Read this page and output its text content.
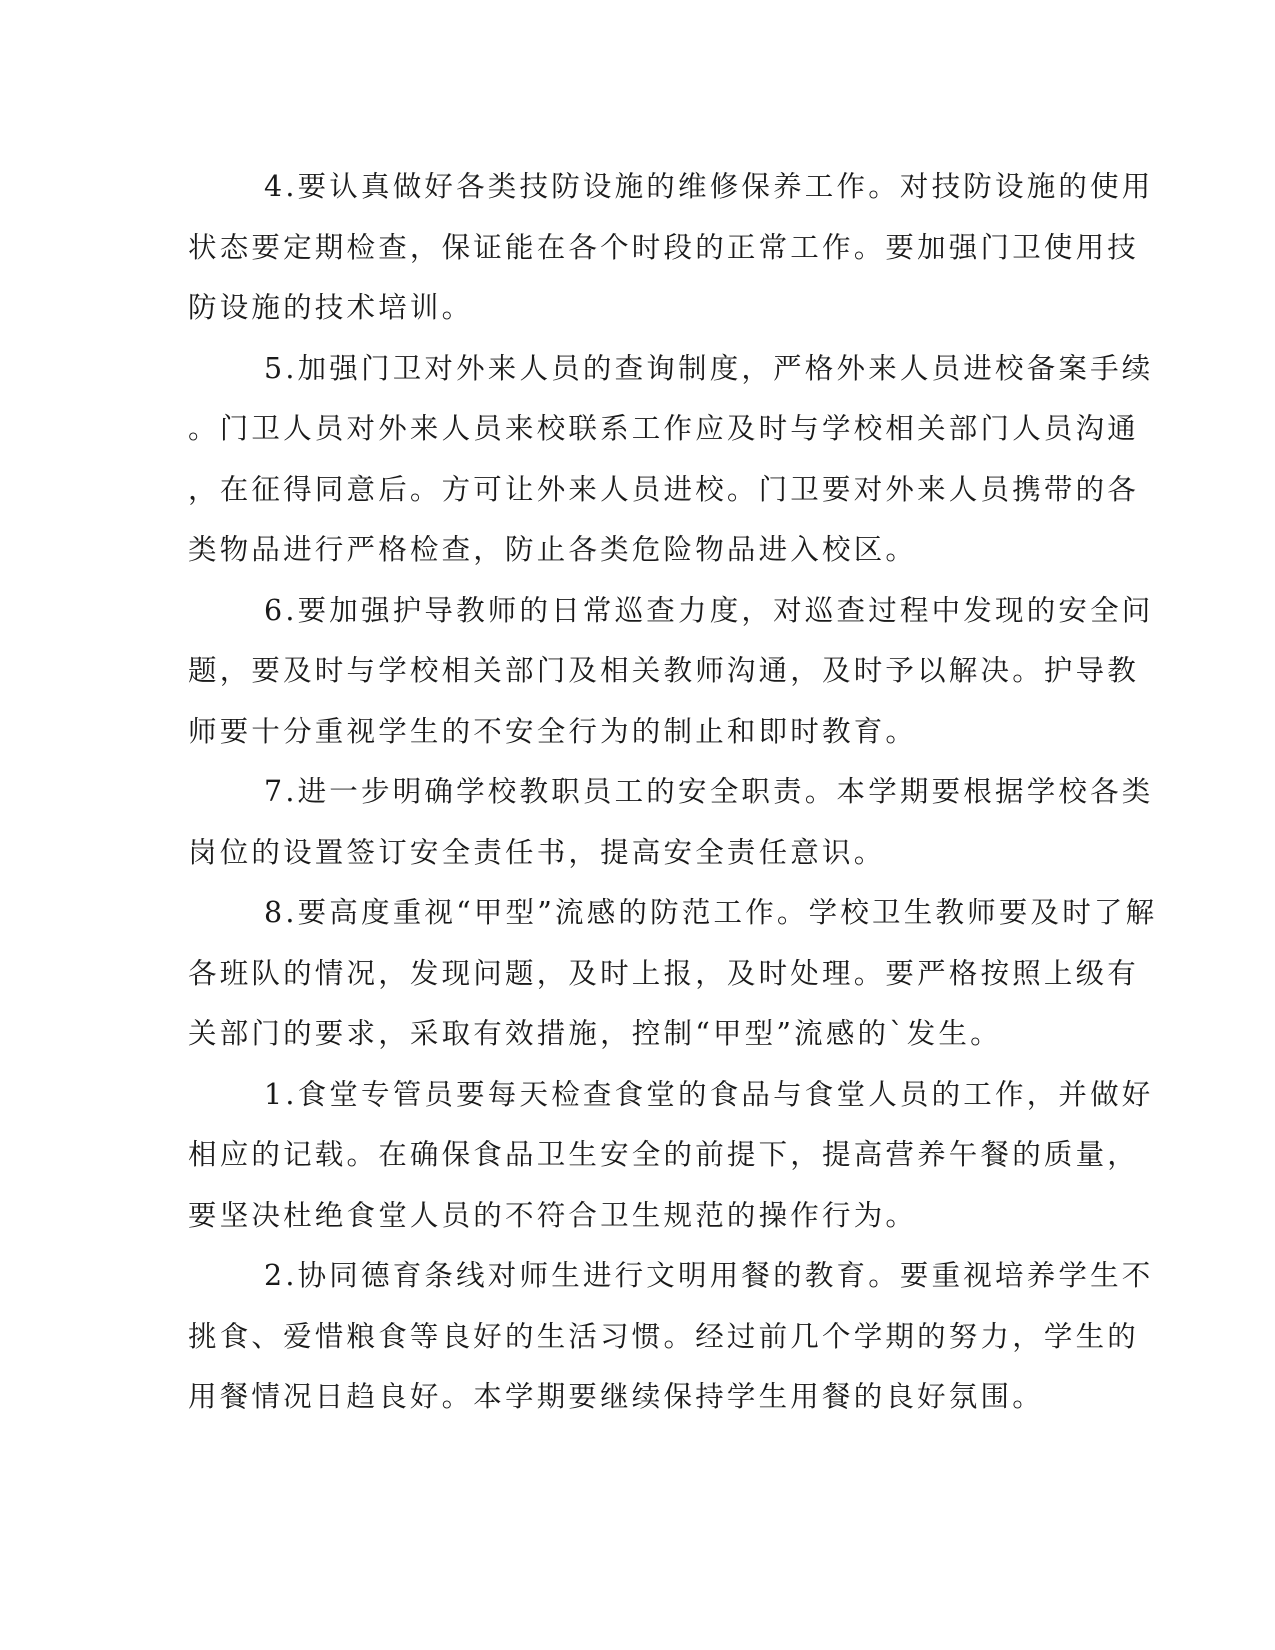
4.要认真做好各类技防设施的维修保养工作。对技防设施的使用
状态要定期检查，保证能在各个时段的正常工作。要加强门卫使用技
防设施的技术培训。
5.加强门卫对外来人员的查询制度，严格外来人员进校备案手续
。门卫人员对外来人员来校联系工作应及时与学校相关部门人员沟通
，在征得同意后。方可让外来人员进校。门卫要对外来人员携带的各
类物品进行严格检查，防止各类危险物品进入校区。
6.要加强护导教师的日常巡查力度，对巡查过程中发现的安全问
题，要及时与学校相关部门及相关教师沟通，及时予以解决。护导教
师要十分重视学生的不安全行为的制止和即时教育。
7.进一步明确学校教职员工的安全职责。本学期要根据学校各类
岗位的设置签订安全责任书，提高安全责任意识。
8.要高度重视“甲型”流感的防范工作。学校卫生教师要及时了解
各班队的情况，发现问题，及时上报，及时处理。要严格按照上级有
关部门的要求，采取有效措施，控制“甲型”流感的`发生。
1.食堂专管员要每天检查食堂的食品与食堂人员的工作，并做好
相应的记载。在确保食品卫生安全的前提下，提高营养午餐的质量，
要坚决杜绝食堂人员的不符合卫生规范的操作行为。
2.协同德育条线对师生进行文明用餐的教育。要重视培养学生不
挑食、爱惜粮食等良好的生活习惯。经过前几个学期的努力，学生的
用餐情况日趋良好。本学期要继续保持学生用餐的良好氛围。
